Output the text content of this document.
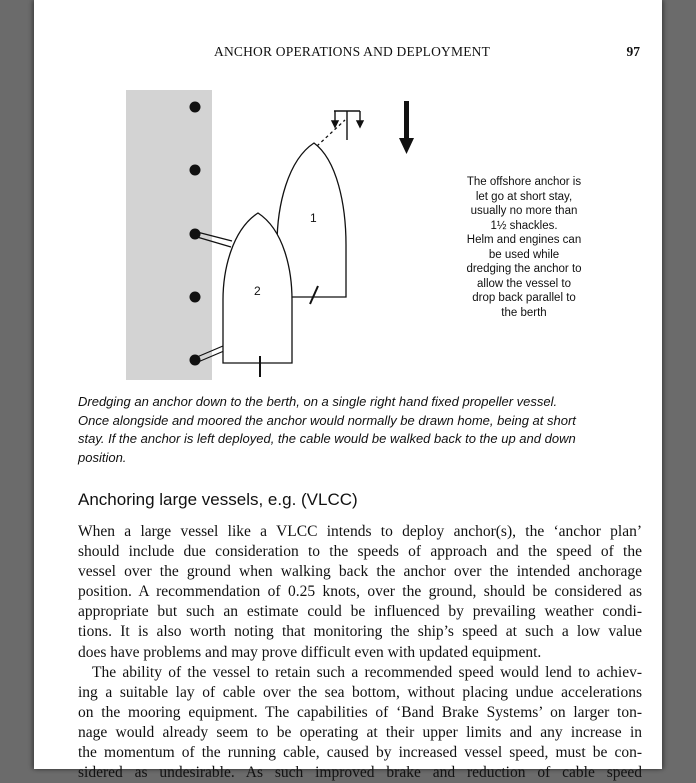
ANCHOR OPERATIONS AND DEPLOYMENT	97
1
2
The offshore anchor is
let go at short stay,
usually no more than
1½ shackles.
Helm and engines can
be used while
dredging the anchor to
allow the vessel to
drop back parallel to
the berth
Dredging an anchor down to the berth, on a single right hand fixed propeller vessel.
Once alongside and moored the anchor would normally be drawn home, being at short
stay. If the anchor is left deployed, the cable would be walked back to the up and down
position.
Anchoring large vessels, e.g. (VLCC)
When a large vessel like a VLCC intends to deploy anchor(s), the ‘anchor plan’
should include due consideration to the speeds of approach and the speed of the
vessel over the ground when walking back the anchor over the intended anchorage
position. A recommendation of 0.25 knots, over the ground, should be considered as
appropriate but such an estimate could be influenced by prevailing weather condi-
tions. It is also worth noting that monitoring the ship’s speed at such a low value
does have problems and may prove difficult even with updated equipment.
The ability of the vessel to retain such a recommended speed would lend to achiev-
ing a suitable lay of cable over the sea bottom, without placing undue accelerations
on the mooring equipment. The capabilities of ‘Band Brake Systems’ on larger ton-
nage would already seem to be operating at their upper limits and any increase in
the momentum of the running cable, caused by increased vessel speed, must be con-
sidered as undesirable. As such improved brake and reduction of cable speed
